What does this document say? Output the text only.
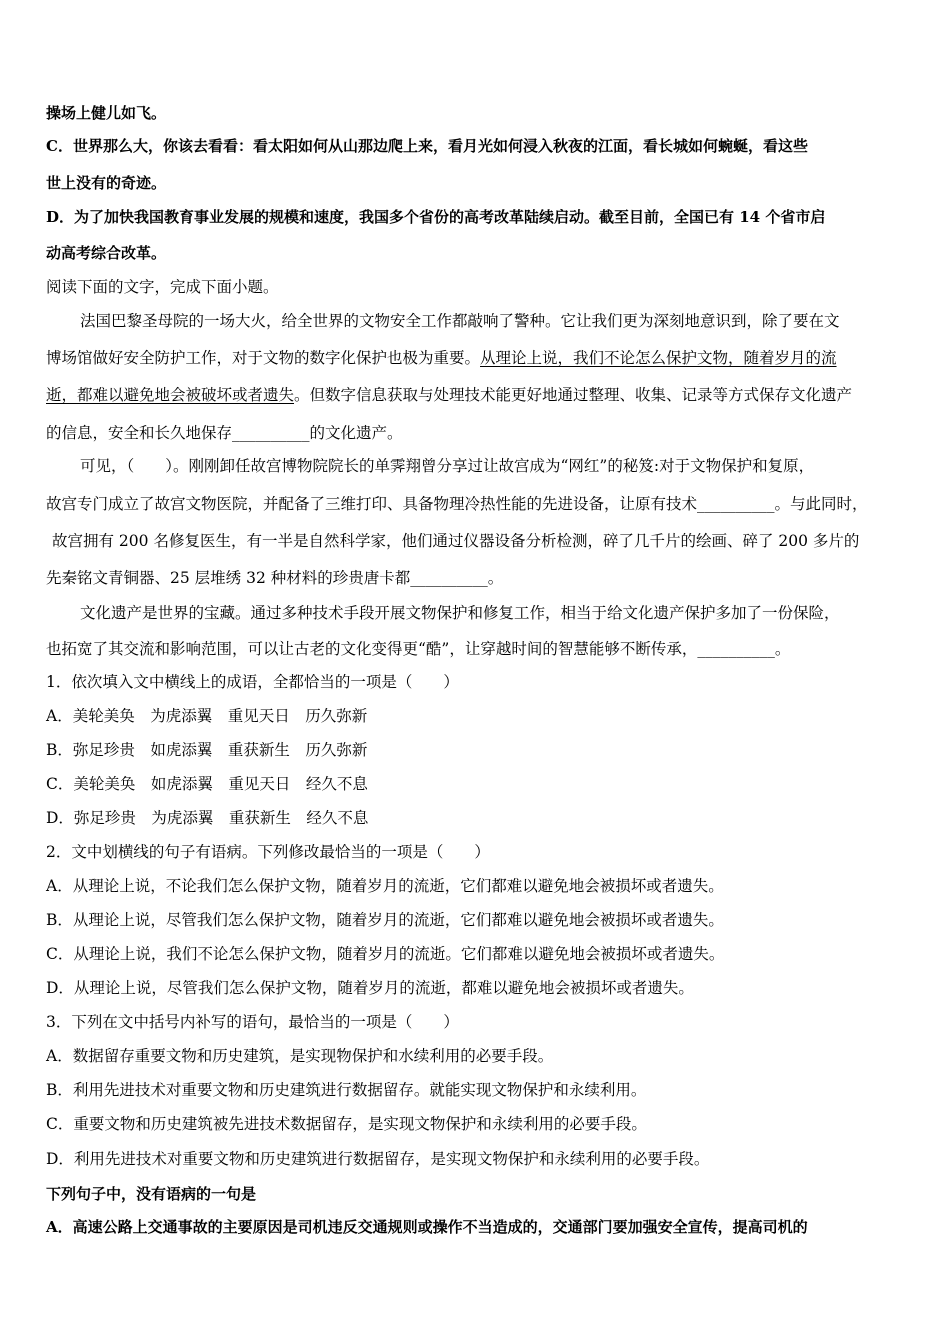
操场上健儿如飞。
C．世界那么大，你该去看看：看太阳如何从山那边爬上来，看月光如何浸入秋夜的江面，看长城如何蜿蜒，看这些
世上没有的奇迹。
D．为了加快我国教育事业发展的规模和速度，我国多个省份的高考改革陆续启动。截至目前，全国已有 14 个省市启
动高考综合改革。
阅读下面的文字，完成下面小题。
法国巴黎圣母院的一场大火，给全世界的文物安全工作都敲响了警种。它让我们更为深刻地意识到，除了要在文
博场馆做好安全防护工作，对于文物的数字化保护也极为重要。从理论上说，我们不论怎么保护文物，随着岁月的流
逝，都难以避免地会被破坏或者遗失。但数字信息获取与处理技术能更好地通过整理、收集、记录等方式保存文化遗产
的信息，安全和长久地保存__________的文化遗产。
可见，（　　）。刚刚卸任故宫博物院院长的单霁翔曾分享过让故宫成为“网红”的秘笈:对于文物保护和复原，
故宫专门成立了故宫文物医院，并配备了三维打印、具备物理冷热性能的先进设备，让原有技术__________。与此同时，
故宫拥有 200 名修复医生，有一半是自然科学家，他们通过仪器设备分析检测，碎了几千片的绘画、碎了 200 多片的
先秦铭文青铜器、25 层堆绣 32 种材料的珍贵唐卡都__________。
文化遗产是世界的宝藏。通过多种技术手段开展文物保护和修复工作，相当于给文化遗产保护多加了一份保险，
也拓宽了其交流和影响范围，可以让古老的文化变得更“酷”，让穿越时间的智慧能够不断传承，__________。
1．依次填入文中横线上的成语，全都恰当的一项是（　　）
A．美轮美奂　为虎添翼　重见天日　历久弥新
B．弥足珍贵　如虎添翼　重获新生　历久弥新
C．美轮美奂　如虎添翼　重见天日　经久不息
D．弥足珍贵　为虎添翼　重获新生　经久不息
2．文中划横线的句子有语病。下列修改最恰当的一项是（　　）
A．从理论上说，不论我们怎么保护文物，随着岁月的流逝，它们都难以避免地会被损坏或者遗失。
B．从理论上说，尽管我们怎么保护文物，随着岁月的流逝，它们都难以避免地会被损坏或者遗失。
C．从理论上说，我们不论怎么保护文物，随着岁月的流逝。它们都难以避免地会被损坏或者遗失。
D．从理论上说，尽管我们怎么保护文物，随着岁月的流逝，都难以避免地会被损坏或者遗失。
3．下列在文中括号内补写的语句，最恰当的一项是（　　）
A．数据留存重要文物和历史建筑，是实现物保护和水续利用的必要手段。
B．利用先进技术对重要文物和历史建筑进行数据留存。就能实现文物保护和永续利用。
C．重要文物和历史建筑被先进技术数据留存，是实现文物保护和永续利用的必要手段。
D．利用先进技术对重要文物和历史建筑进行数据留存，是实现文物保护和永续利用的必要手段。
下列句子中，没有语病的一句是
A．高速公路上交通事故的主要原因是司机违反交通规则或操作不当造成的，交通部门要加强安全宣传，提高司机的
